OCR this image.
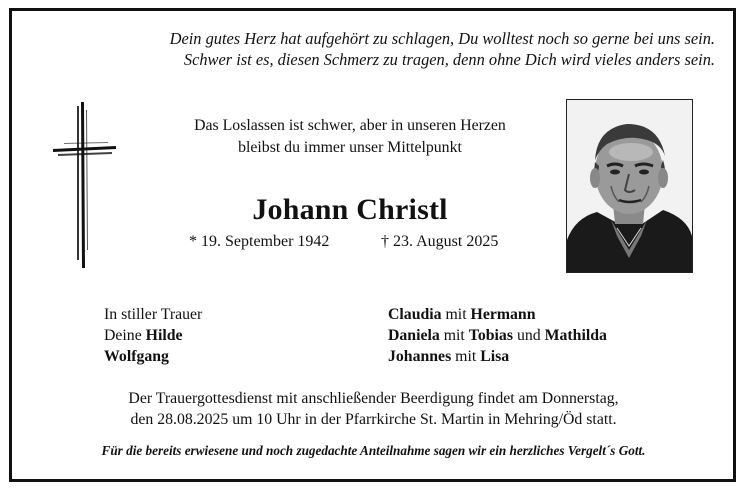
Dein gutes Herz hat aufgehört zu schlagen, Du wolltest noch so gerne bei uns sein.
Schwer ist es, diesen Schmerz zu tragen, denn ohne Dich wird vieles anders sein.
Das Loslassen ist schwer, aber in unseren Herzen
bleibst du immer unser Mittelpunkt
Johann Christl
* 19. September 1942	† 23. August 2025
In stiller Trauer
Deine Hilde
Wolfgang
Claudia mit Hermann
Daniela mit Tobias und Mathilda
Johannes mit Lisa
Der Trauergottesdienst mit anschließender Beerdigung findet am Donnerstag,
den 28.08.2025 um 10 Uhr in der Pfarrkirche St. Martin in Mehring/Öd statt.
Für die bereits erwiesene und noch zugedachte Anteilnahme sagen wir ein herzliches Vergelt´s Gott.
